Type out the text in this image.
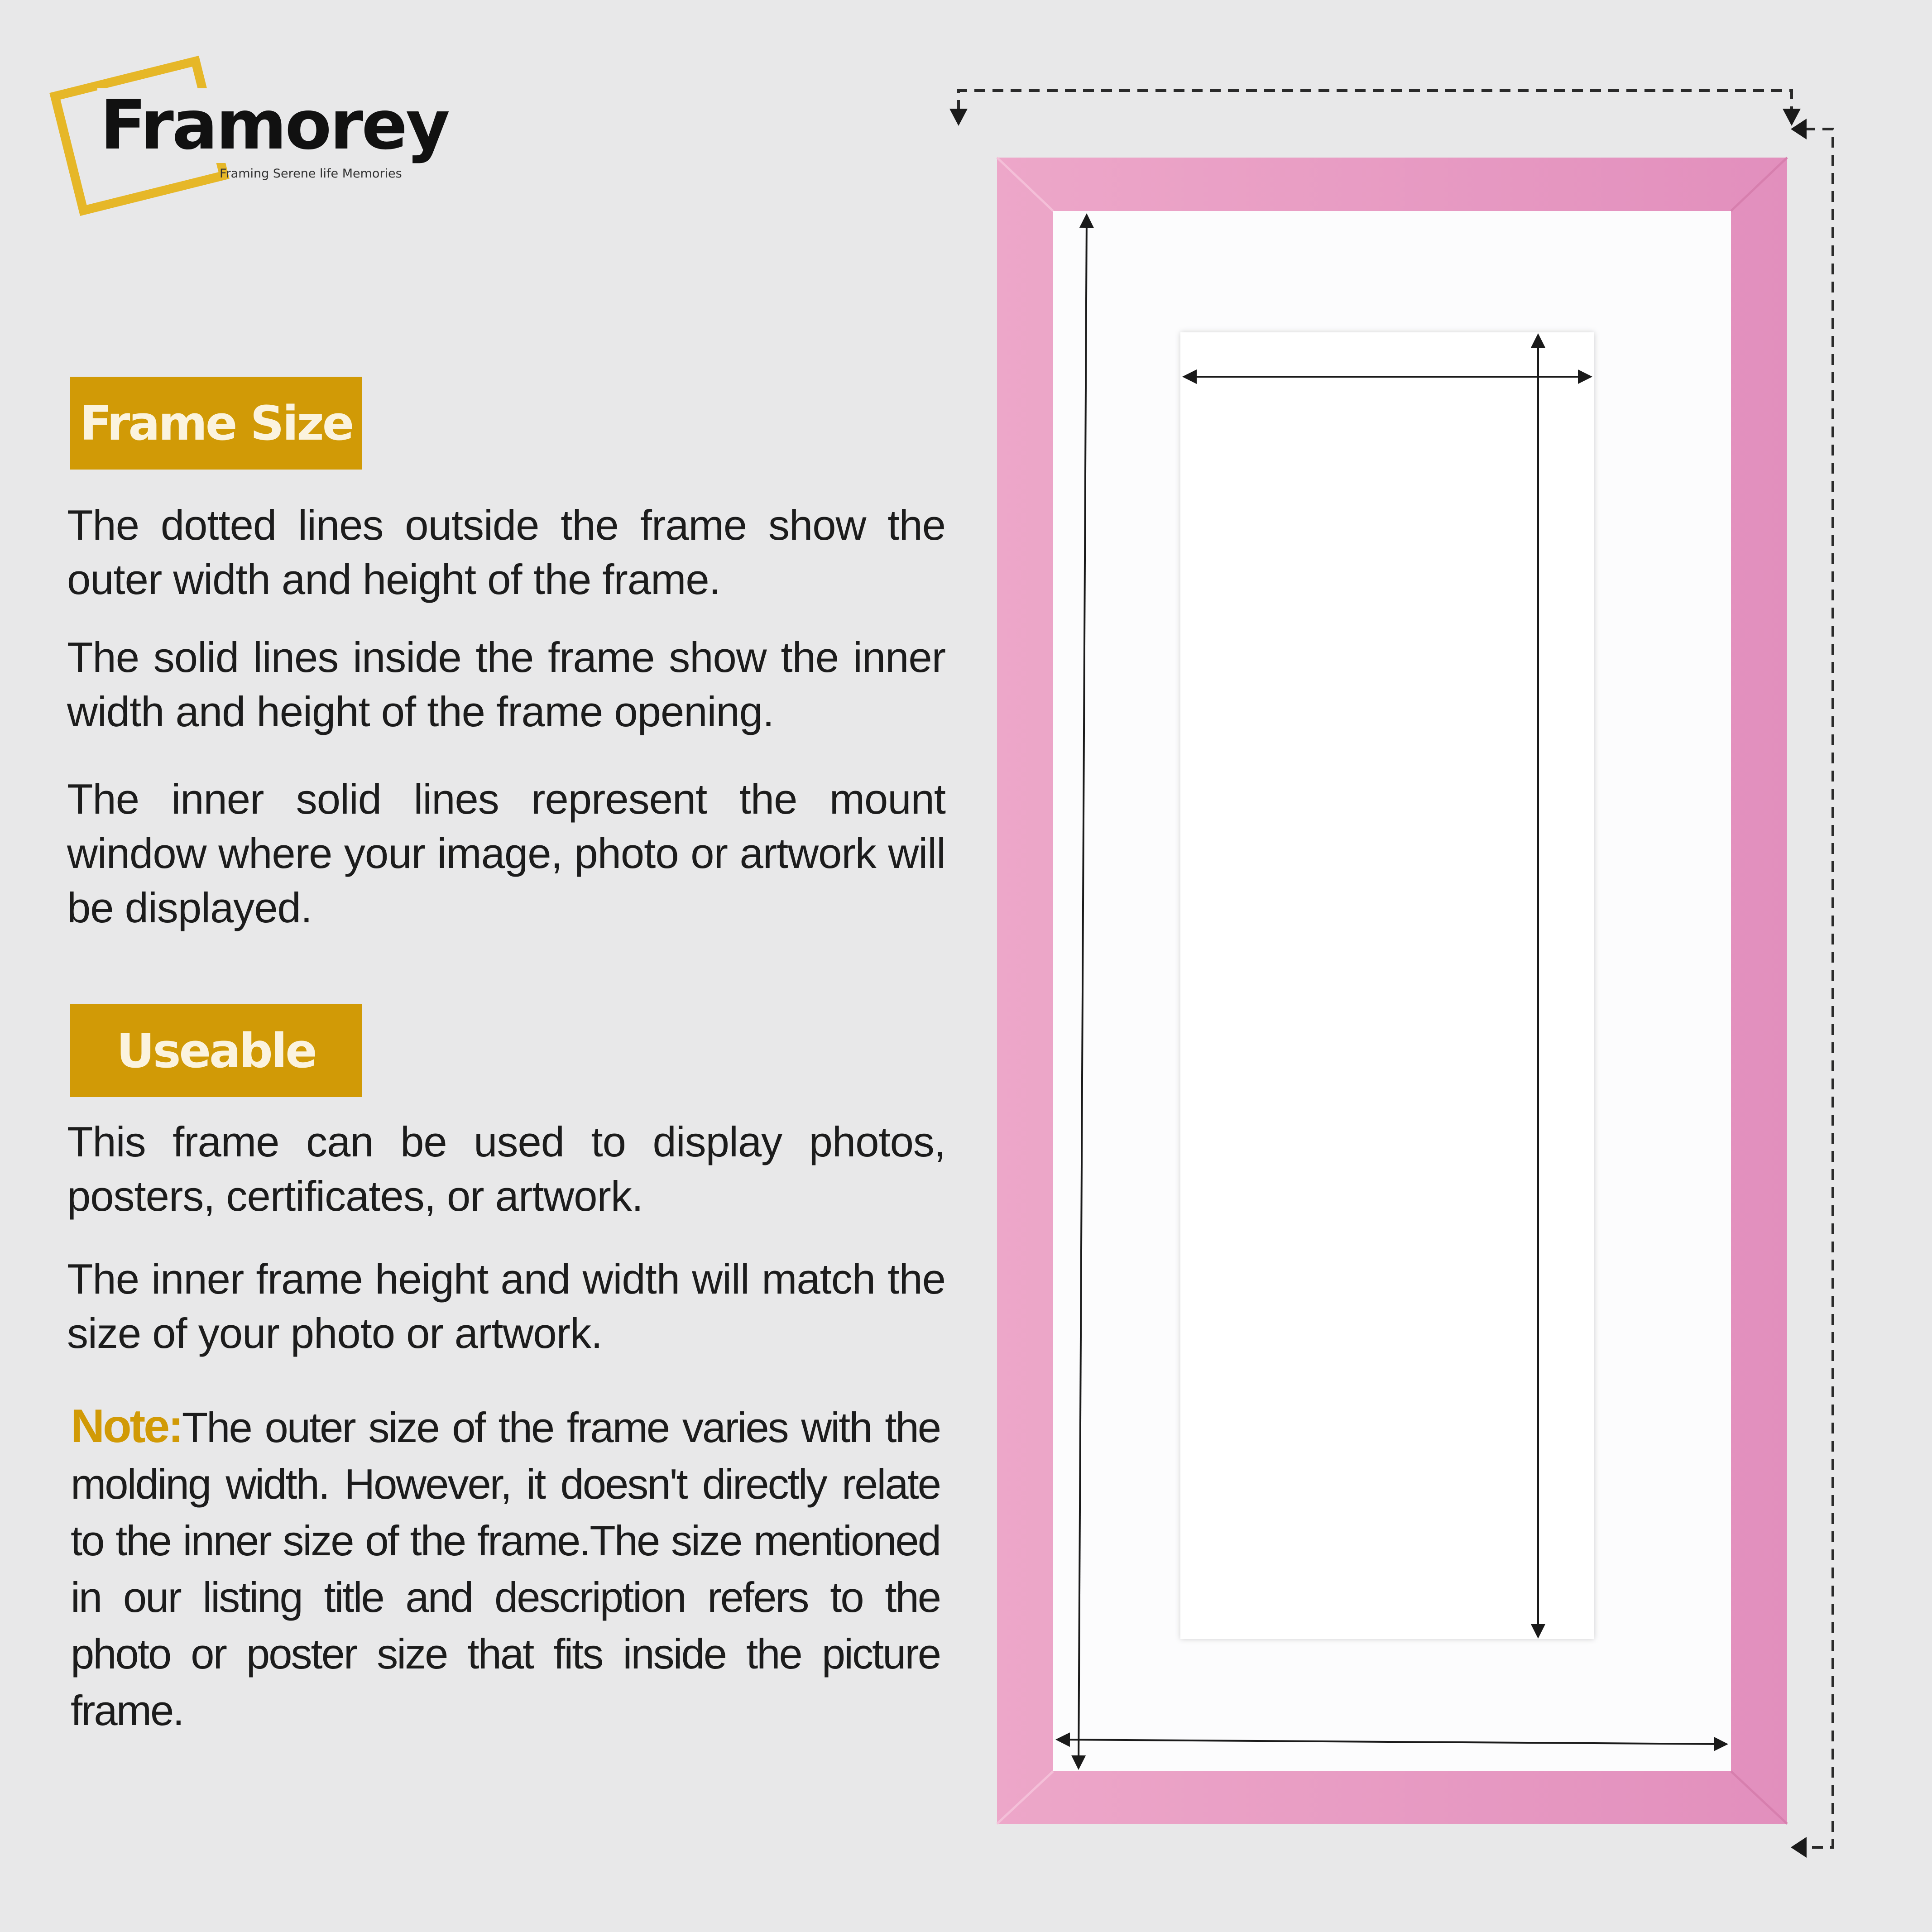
Framorey
Framing Serene life Memories
Frame Size
The dotted lines outside the frame show the outer width and height of the frame.
The solid lines inside the frame show the inner width and height of the frame opening.
The inner solid lines represent the mount window where your image, photo or artwork will be displayed.
Useable
This frame can be used to display photos, posters, certificates, or artwork.
The inner frame height and width will match the size of your photo or artwork.
Note:The outer size of the frame varies with the molding width. However, it doesn't directly relate to the inner size of the frame.The size mentioned in our listing title and description refers to the photo or poster size that fits inside the picture frame.
